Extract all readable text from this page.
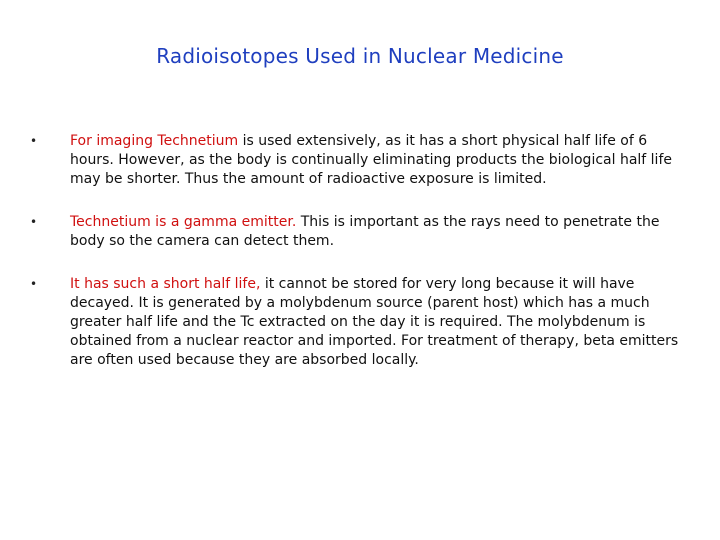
Radioisotopes Used in Nuclear Medicine
• For imaging Technetium is used extensively, as it has a short physical half life of 6 hours. However, as the body is continually eliminating products the biological half life may be shorter. Thus the amount of radioactive exposure is limited.
• Technetium is a gamma emitter. This is important as the rays need to penetrate the body so the camera can detect them.
• It has such a short half life, it cannot be stored for very long because it will have decayed. It is generated by a molybdenum source (parent host) which has a much greater half life and the Tc extracted on the day it is required. The molybdenum is obtained from a nuclear reactor and imported. For treatment of therapy, beta emitters are often used because they are absorbed locally.
